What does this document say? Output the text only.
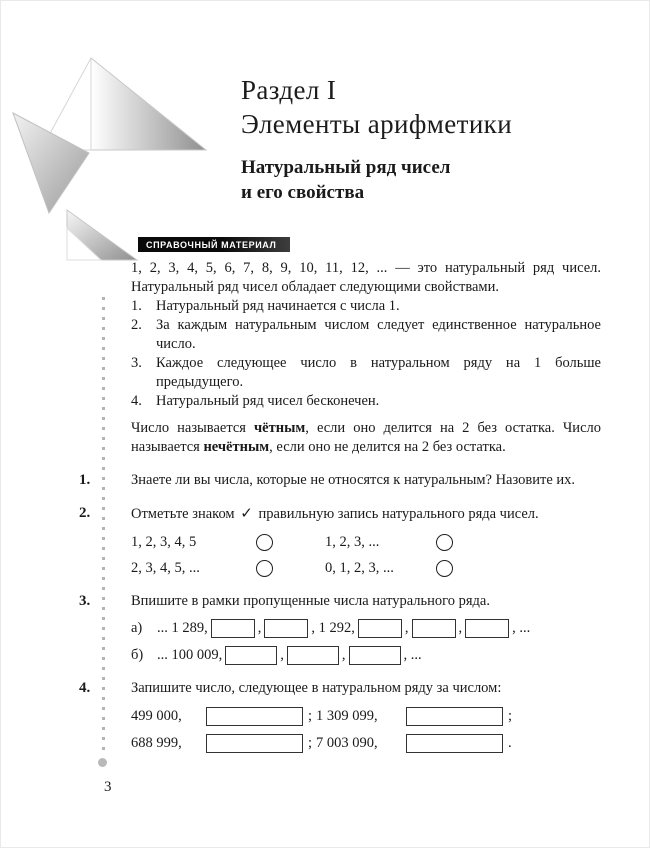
Раздел I
Элементы арифметики
Натуральный ряд чисел
и его свойства
СПРАВОЧНЫЙ МАТЕРИАЛ

1, 2, 3, 4, 5, 6, 7, 8, 9, 10, 11, 12, ... — это натуральный ряд чисел. Натуральный ряд чисел обладает следующими свойствами.

1. Натуральный ряд начинается с числа 1.
2. За каждым натуральным числом следует единственное натуральное число.
3. Каждое следующее число в натуральном ряду на 1 больше предыдущего.
4. Натуральный ряд чисел бесконечен.

Число называется чётным, если оно делится на 2 без остатка. Число называется нечётным, если оно не делится на 2 без остатка.

1.	Знаете ли вы числа, которые не относятся к натуральным? Назовите их.
2.	Отметьте знаком ✓ правильную запись натурального ряда чисел.
1, 2, 3, 4, 5	1, 2, 3, ...
2, 3, 4, 5, ...	0, 1, 2, 3, ...
3.	Впишите в рамки пропущенные числа натурального ряда.
а)	... 1 289,	,	, 1 292,	,	,	, ...
б) ... 100 009,	,	,	, ...
4.	Запишите число, следующее в натуральном ряду за числом:
499 000,	; 1 309 099,	;
688 999,	; 7 003 090,	.
3
